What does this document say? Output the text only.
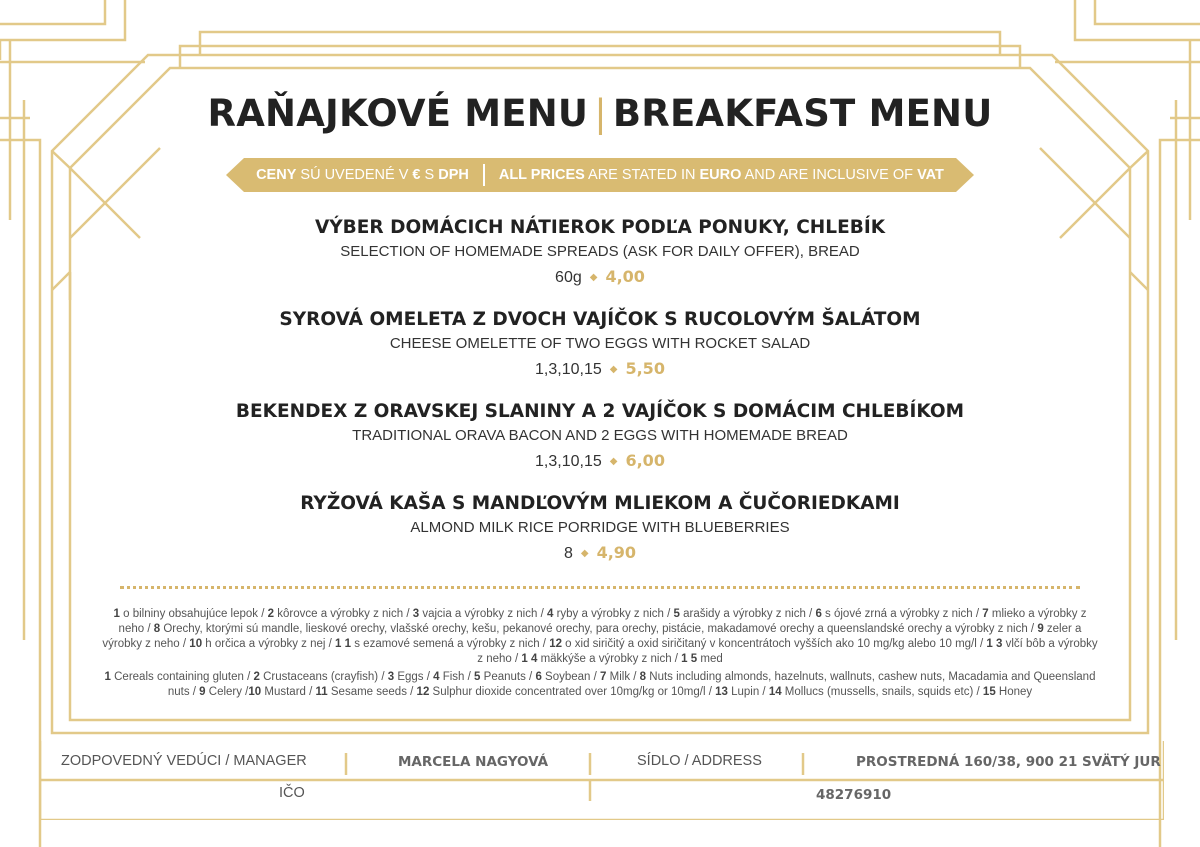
RAŇAJKOVÉ MENU | BREAKFAST MENU
CENY SÚ UVEDENÉ V € S DPH ALL PRICES ARE STATED IN EURO AND ARE INCLUSIVE OF VAT
VÝBER DOMÁCICH NÁTIEROK PODĽA PONUKY, CHLEBÍK
SELECTION OF HOMEMADE SPREADS (ASK FOR DAILY OFFER), BREAD
60g ◆ 4,00
SYROVÁ OMELETA Z DVOCH VAJÍČOK S RUCOLOVÝM ŠALÁTOM
CHEESE OMELETTE OF TWO EGGS WITH ROCKET SALAD
1,3,10,15 ◆ 5,50
BEKENDEX Z ORAVSKEJ SLANINY A 2 VAJÍČOK S DOMÁCIM CHLEBÍKOM
TRADITIONAL ORAVA BACON AND 2 EGGS WITH HOMEMADE BREAD
1,3,10,15 ◆ 6,00
RYŽOVÁ KAŠA S MANDĽOVÝM MLIEKOM A ČUČORIEDKAMI
ALMOND MILK RICE PORRIDGE WITH BLUEBERRIES
8 ◆ 4,90
1 o bilniny obsahujúce lepok / 2 kôrovce a výrobky z nich / 3 vajcia a výrobky z nich / 4 ryby a výrobky z nich / 5 arašidy a výrobky z nich / 6 s ójové zrná a výrobky z nich / 7 mlieko a výrobky z neho / 8 Orechy, ktorými sú mandle, lieskové orechy, vlašské orechy, kešu, pekanové orechy, para orechy, pistácie, makadamové orechy a queenslandské orechy a výrobky z nich / 9 zeler a výrobky z neho / 10 h orčica a výrobky z nej / 1 1 s ezamové semená a výrobky z nich / 12 o xid siričitý a oxid siričitaný v koncentrátoch vyšších ako 10 mg/kg alebo 10 mg/l / 1 3 vlčí bôb a výrobky z neho / 1 4 mäkkýše a výrobky z nich / 1 5 med
1 Cereals containing gluten / 2 Crustaceans (crayfish) / 3 Eggs / 4 Fish / 5 Peanuts / 6 Soybean / 7 Milk / 8 Nuts including almonds, hazelnuts, wallnuts, cashew nuts, Macadamia and Queensland nuts / 9 Celery /10 Mustard / 11 Sesame seeds / 12 Sulphur dioxide concentrated over 10mg/kg or 10mg/l / 13 Lupin / 14 Mollucs (mussells, snails, squids etc) / 15 Honey
ZODPOVEDNÝ VEDÚCI / MANAGER	MARCELA NAGYOVÁ	SÍDLO / ADDRESS	PROSTREDNÁ 160/38, 900 21 SVÄTÝ JUR
IČO	48276910
